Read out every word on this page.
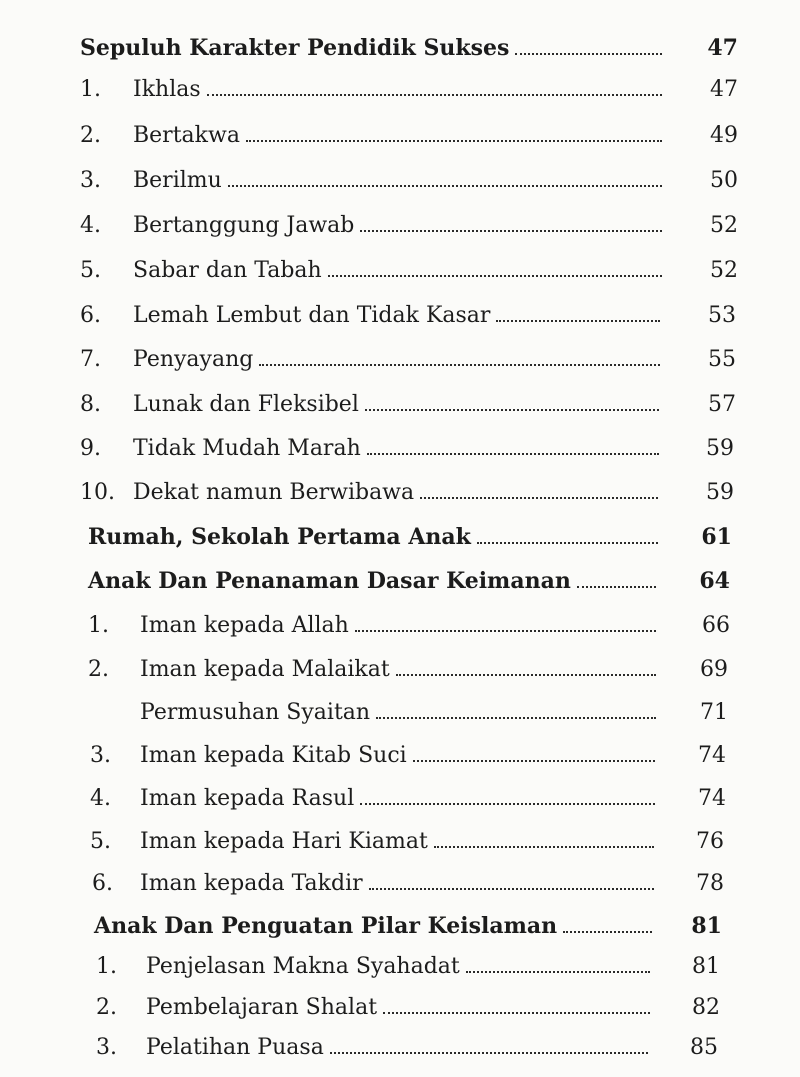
Sepuluh Karakter Pendidik Sukses	47
1. Ikhlas	47
2. Bertakwa	49
3. Berilmu	50
4. Bertanggung Jawab	52
5. Sabar dan Tabah	52
6. Lemah Lembut dan Tidak Kasar	53
7. Penyayang	55
8. Lunak dan Fleksibel	57
9. Tidak Mudah Marah	59
10. Dekat namun Berwibawa	59
Rumah, Sekolah Pertama Anak	61
Anak Dan Penanaman Dasar Keimanan	64
1. Iman kepada Allah	66
2. Iman kepada Malaikat	69
Permusuhan Syaitan	71
3. Iman kepada Kitab Suci	74
4. Iman kepada Rasul	74
5. Iman kepada Hari Kiamat	76
6. Iman kepada Takdir	78
Anak Dan Penguatan Pilar Keislaman	81
1. Penjelasan Makna Syahadat	81
2. Pembelajaran Shalat	82
3. Pelatihan Puasa	85
